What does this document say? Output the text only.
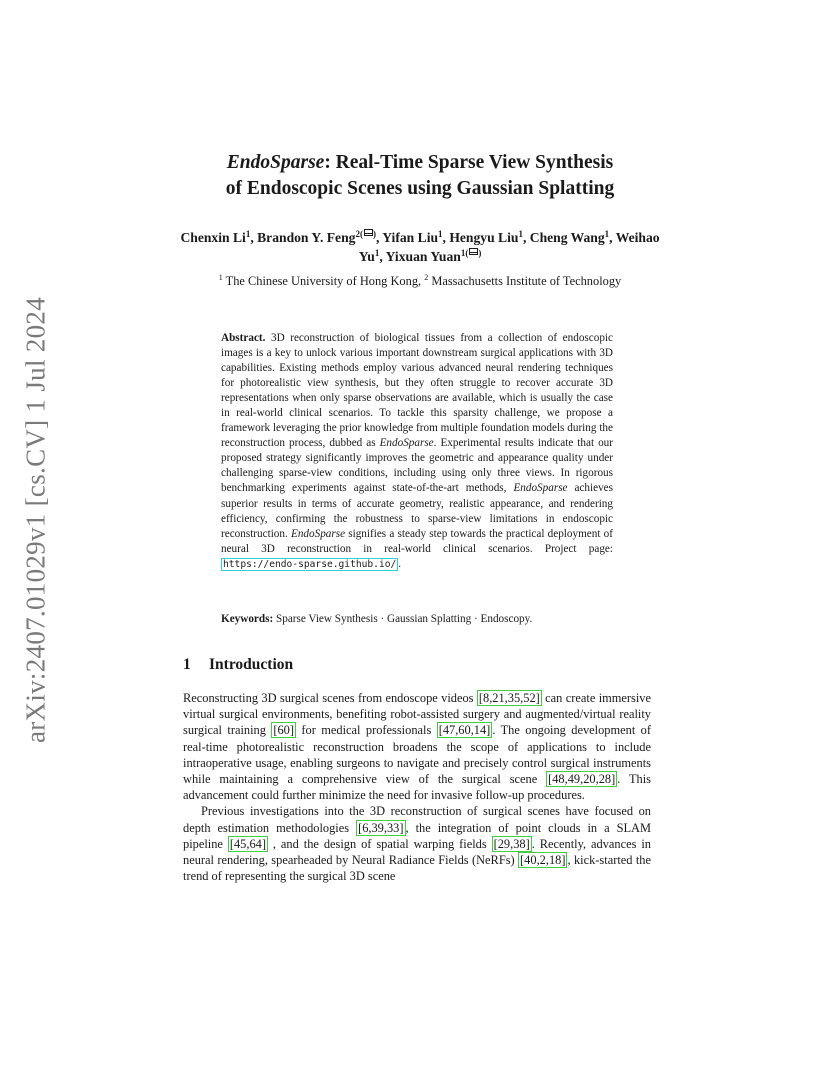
arXiv:2407.01029v1 [cs.CV] 1 Jul 2024
EndoSparse: Real-Time Sparse View Synthesis
of Endoscopic Scenes using Gaussian Splatting
Chenxin Li$^1$, Brandon Y. Feng$^{2( )}$, Yifan Liu$^1$, Hengyu Liu$^1$, Cheng Wang$^1$, Weihao Yu$^1$, Yixuan Yuan$^{1( )}$
$^1$ The Chinese University of Hong Kong, $^2$ Massachusetts Institute of Technology
Abstract. 3D reconstruction of biological tissues from a collection of endoscopic images is a key to unlock various important downstream surgical applications with 3D capabilities. Existing methods employ various advanced neural rendering techniques for photorealistic view synthesis, but they often struggle to recover accurate 3D representations when only sparse observations are available, which is usually the case in real-world clinical scenarios. To tackle this sparsity challenge, we propose a framework leveraging the prior knowledge from multiple foundation models during the reconstruction process, dubbed as EndoSparse. Experimental results indicate that our proposed strategy significantly improves the geometric and appearance quality under challenging sparse-view conditions, including using only three views. In rigorous benchmarking experiments against state-of-the-art methods, EndoSparse achieves superior results in terms of accurate geometry, realistic appearance, and rendering efficiency, confirming the robustness to sparse-view limitations in endoscopic reconstruction. EndoSparse signifies a steady step towards the practical deployment of neural 3D reconstruction in real-world clinical scenarios. Project page: https://endo-sparse.github.io/ .
Keywords: Sparse View Synthesis · Gaussian Splatting · Endoscopy.
1 Introduction

Reconstructing 3D surgical scenes from endoscope videos [8,21,35,52] can create immersive virtual surgical environments, benefiting robot-assisted surgery and augmented/virtual reality surgical training [60] for medical professionals [47,60,14] . The ongoing development of real-time photorealistic reconstruction broadens the scope of applications to include intraoperative usage, enabling surgeons to navigate and precisely control surgical instruments while maintaining a comprehensive view of the surgical scene [48,49,20,28] . This advancement could further minimize the need for invasive follow-up procedures.

Previous investigations into the 3D reconstruction of surgical scenes have focused on depth estimation methodologies [6,39,33] , the integration of point clouds in a SLAM pipeline [45,64] , and the design of spatial warping fields [29,38] . Recently, advances in neural rendering, spearheaded by Neural Radiance Fields (NeRFs) [40,2,18] , kick-started the trend of representing the surgical 3D scene
